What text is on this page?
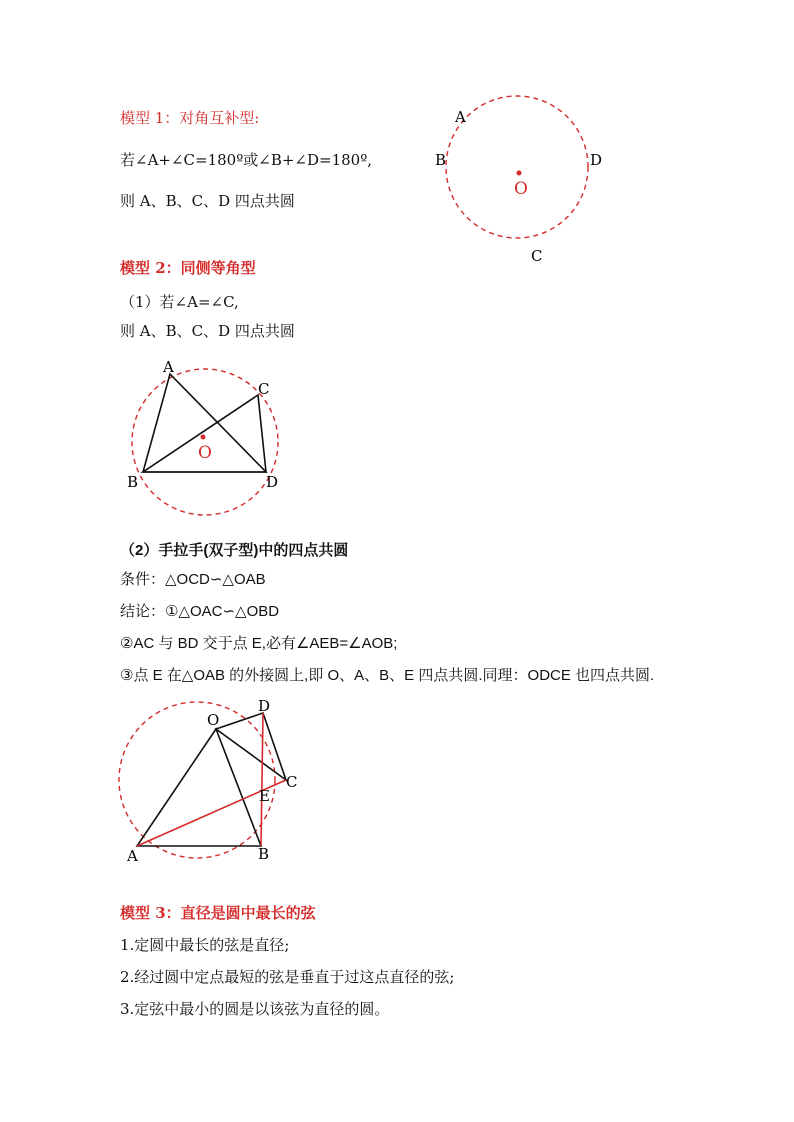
模型 1：对角互补型:
若∠A+∠C=180º或∠B+∠D=180º,
则 A、B、C、D 四点共圆
A
B	D
C
O
模型 2：同侧等角型
（1）若∠A=∠C,
则 A、B、C、D 四点共圆
A
C
B	D
O
（2）手拉手(双子型)中的四点共圆
条件：△OCD∽△OAB
结论：①△OAC∽△OBD
②AC 与 BD 交于点 E,必有∠AEB=∠AOB;
③点 E 在△OAB 的外接圆上,即 O、A、B、E 四点共圆.同理：ODCE 也四点共圆.
D
O
C
E
A	B
模型 3：直径是圆中最长的弦
1.定圆中最长的弦是直径;
2.经过圆中定点最短的弦是垂直于过这点直径的弦;
3.定弦中最小的圆是以该弦为直径的圆。
